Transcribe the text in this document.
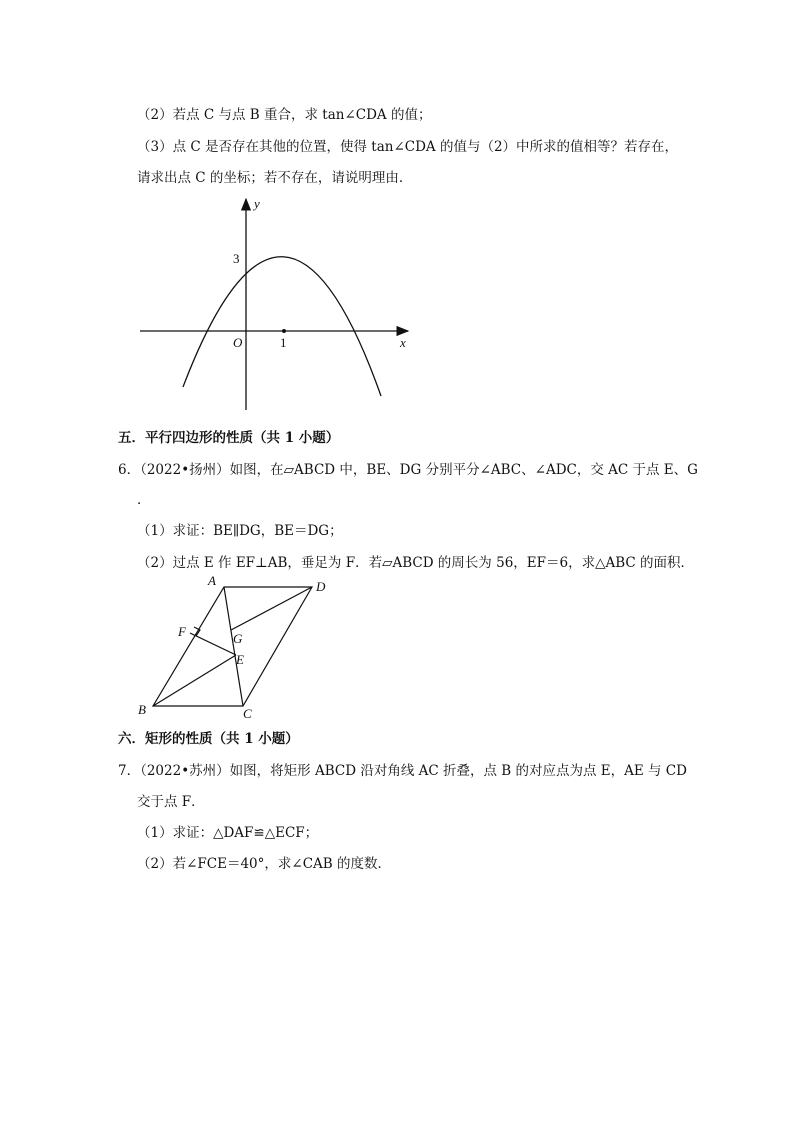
（2）若点 C 与点 B 重合，求 tan∠CDA 的值；
（3）点 C 是否存在其他的位置，使得 tan∠CDA 的值与（2）中所求的值相等？若存在，
请求出点 C 的坐标；若不存在，请说明理由．
y
x
O
3
1
五．平行四边形的性质（共 1 小题）
6．（2022•扬州）如图，在▱ABCD 中，BE、DG 分别平分∠ABC、∠ADC，交 AC 于点 E、G
．
（1）求证：BE∥DG，BE＝DG；
（2）过点 E 作 EF⊥AB，垂足为 F．若▱ABCD 的周长为 56，EF＝6，求△ABC 的面积．
A	D
F	G
E
B	C
六．矩形的性质（共 1 小题）
7．（2022•苏州）如图，将矩形 ABCD 沿对角线 AC 折叠，点 B 的对应点为点 E，AE 与 CD
交于点 F．
（1）求证：△DAF≌△ECF；
（2）若∠FCE＝40°，求∠CAB 的度数．
